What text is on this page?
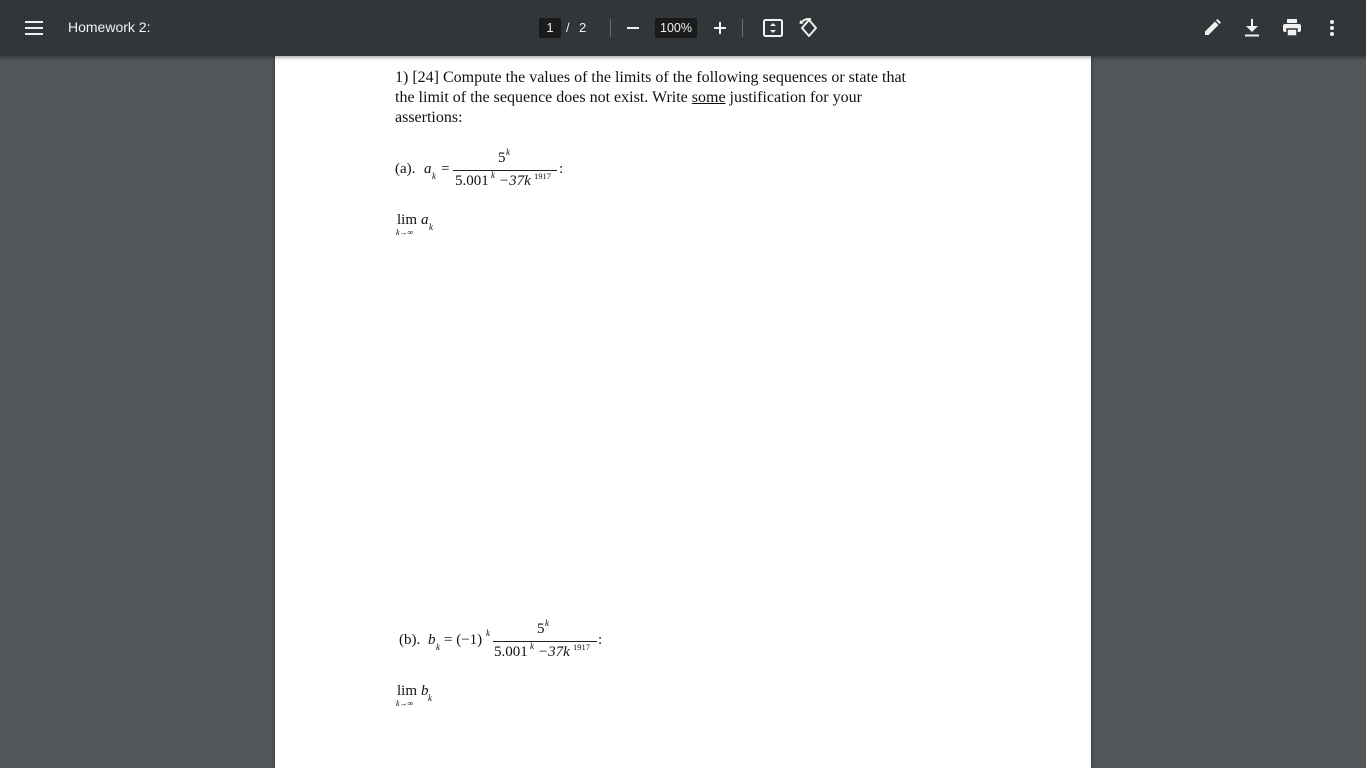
Homework 2:	1 / 2	100%
1) [24] Compute the values of the limits of the following sequences or state that
the limit of the sequence does not exist. Write some justification for your
assertions:
(a). a k =
5 k
5.001 k −37k 1917 :
lim a k
k→∞
(b). b k = (−1) k	5 k
5.001 k −37k 1917 :
lim b k
k→∞
